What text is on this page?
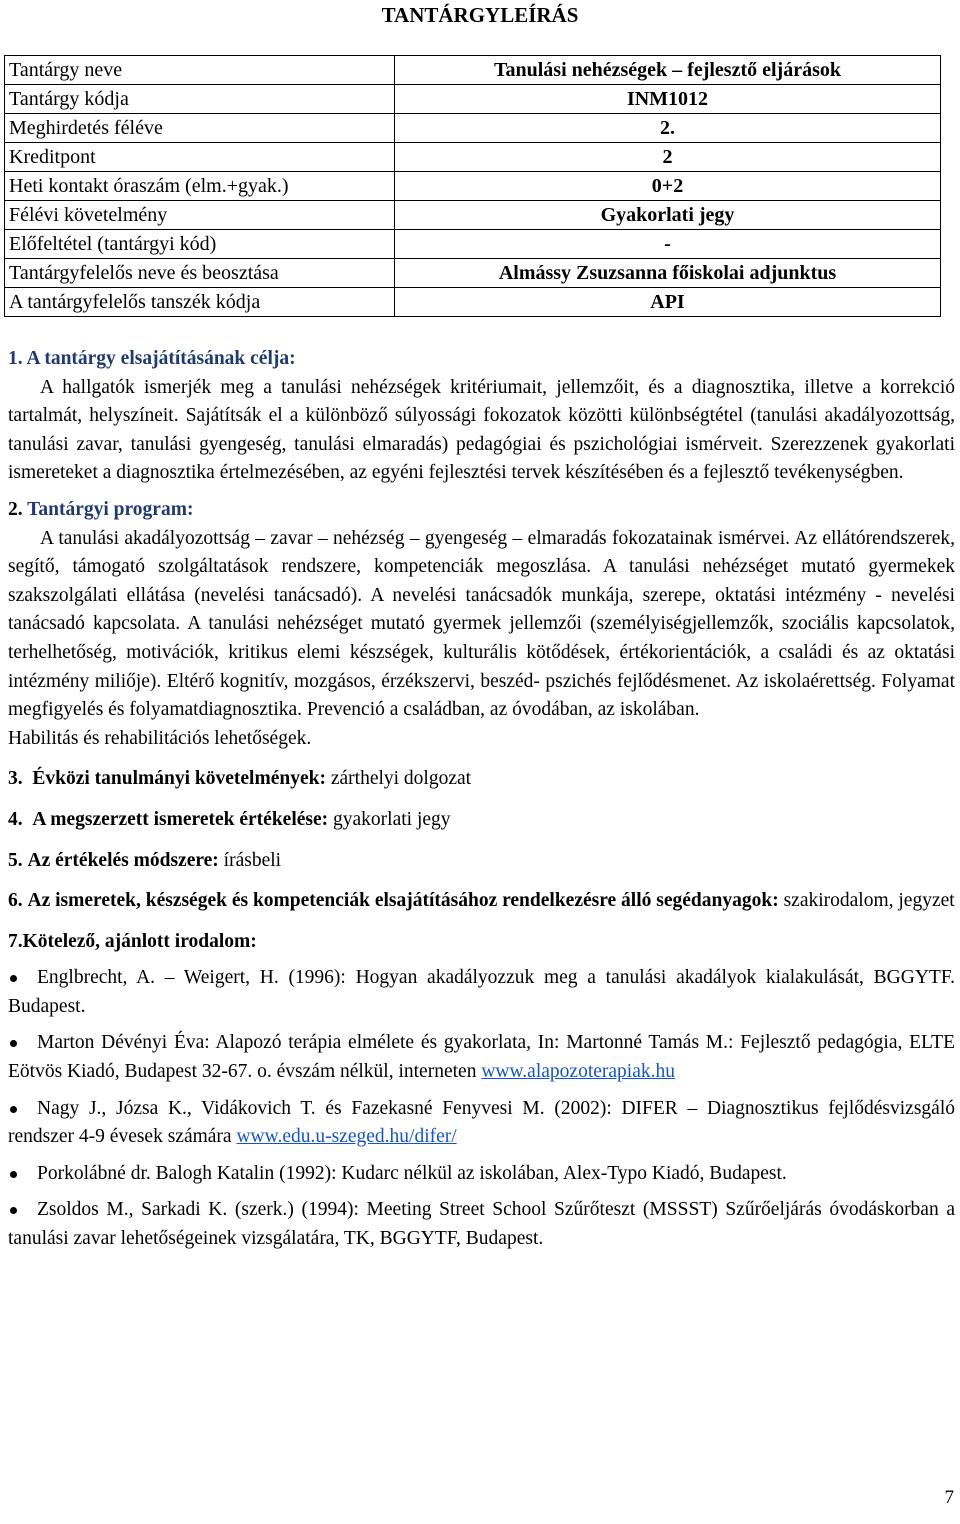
TANTÁRGYLEÍRÁS
Tantárgy neve	Tanulási nehézségek – fejlesztő eljárások
Tantárgy kódja	INM1012
Meghirdetés féléve	2.
Kreditpont	2
Heti kontakt óraszám (elm.+gyak.)	0+2
Félévi követelmény	Gyakorlati jegy
Előfeltétel (tantárgyi kód)	-
Tantárgyfelelős neve és beosztása	Almássy Zsuzsanna főiskolai adjunktus
A tantárgyfelelős tanszék kódja	API
1. A tantárgy elsajátításának célja:

A hallgatók ismerjék meg a tanulási nehézségek kritériumait, jellemzőit, és a diagnosztika, illetve a korrekció tartalmát, helyszíneit. Sajátítsák el a különböző súlyossági fokozatok közötti különbségtétel (tanulási akadályozottság, tanulási zavar, tanulási gyengeség, tanulási elmaradás) pedagógiai és pszichológiai ismérveit. Szerezzenek gyakorlati ismereteket a diagnosztika értelmezésében, az egyéni fejlesztési tervek készítésében és a fejlesztő tevékenységben.

2. Tantárgyi program:

A tanulási akadályozottság – zavar – nehézség – gyengeség – elmaradás fokozatainak ismérvei. Az ellátórendszerek, segítő, támogató szolgáltatások rendszere, kompetenciák megoszlása. A tanulási nehézséget mutató gyermekek szakszolgálati ellátása (nevelési tanácsadó). A nevelési tanácsadók munkája, szerepe, oktatási intézmény - nevelési tanácsadó kapcsolata. A tanulási nehézséget mutató gyermek jellemzői (személyiségjellemzők, szociális kapcsolatok, terhelhetőség, motivációk, kritikus elemi készségek, kulturális kötődések, értékorientációk, a családi és az oktatási intézmény miliője). Eltérő kognitív, mozgásos, érzékszervi, beszéd- pszichés fejlődésmenet. Az iskolaérettség. Folyamat megfigyelés és folyamatdiagnosztika. Prevenció a családban, az óvodában, az iskolában.

Habilitás és rehabilitációs lehetőségek.

3. Évközi tanulmányi követelmények: zárthelyi dolgozat
4. A megszerzett ismeretek értékelése: gyakorlati jegy
5. Az értékelés módszere: írásbeli

6. Az ismeretek, készségek és kompetenciák elsajátításához rendelkezésre álló segédanyagok: szakirodalom, jegyzet

7.Kötelező, ajánlott irodalom:
Englbrecht, A. – Weigert, H. (1996): Hogyan akadályozzuk meg a tanulási akadályok kialakulását, BGGYTF. Budapest.
Marton Dévényi Éva: Alapozó terápia elmélete és gyakorlata, In: Martonné Tamás M.: Fejlesztő pedagógia, ELTE Eötvös Kiadó, Budapest 32-67. o. évszám nélkül, interneten www.alapozoterapiak.hu
Nagy J., Józsa K., Vidákovich T. és Fazekasné Fenyvesi M. (2002): DIFER – Diagnosztikus fejlődésvizsgáló rendszer 4-9 évesek számára www.edu.u-szeged.hu/difer/
Porkolábné dr. Balogh Katalin (1992): Kudarc nélkül az iskolában, Alex-Typo Kiadó, Budapest.
Zsoldos M., Sarkadi K. (szerk.) (1994): Meeting Street School Szűrőteszt (MSSST) Szűrőeljárás óvodáskorban a tanulási zavar lehetőségeinek vizsgálatára, TK, BGGYTF, Budapest.
7
